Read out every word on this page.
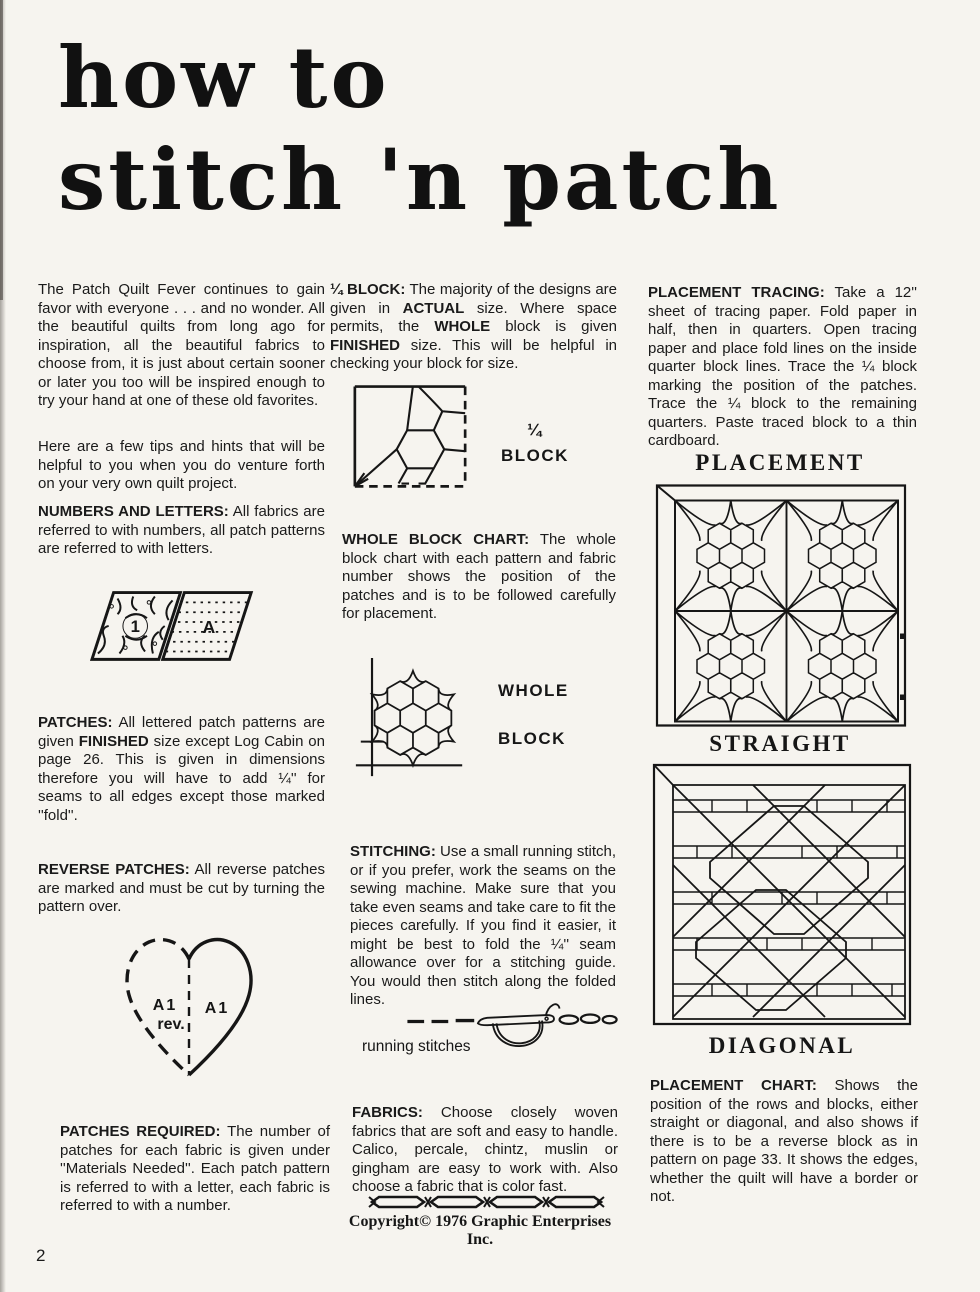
how to
stitch 'n patch

The Patch Quilt Fever continues to gain favor with everyone . . . and no wonder. All the beautiful quilts from long ago for inspiration, all the beautiful fabrics to choose from, it is just about certain sooner or later you too will be inspired enough to try your hand at one of these old favorites.

Here are a few tips and hints that will be helpful to you when you do venture forth on your very own quilt project.

NUMBERS AND LETTERS: All fabrics are referred to with numbers, all patch patterns are referred to with letters.

1	A

PATCHES: All lettered patch patterns are given FINISHED size except Log Cabin on page 26. This is given in dimensions therefore you will have to add ¼'' for seams to all edges except those marked ''fold''.

REVERSE PATCHES: All reverse patches are marked and must be cut by turning the pattern over.

A1
rev.
A1

PATCHES REQUIRED: The number of patches for each fabric is given under ''Materials Needed''. Each patch pattern is referred to with a letter, each fabric is referred to with a number.

2

¼ BLOCK: The majority of the designs are given in ACTUAL size. Where space permits, the WHOLE block is given FINISHED size. This will be helpful in checking your block for size.

¼
BLOCK

WHOLE BLOCK CHART: The whole block chart with each pattern and fabric number shows the position of the patches and is to be followed carefully for placement.

WHOLE
BLOCK

STITCHING: Use a small running stitch, or if you prefer, work the seams on the sewing machine. Make sure that you take even seams and take care to fit the pieces carefully. If you find it easier, it might be best to fold the ¼'' seam allowance over for a stitching guide. You would then stitch along the folded lines.

running stitches

FABRICS: Choose closely woven fabrics that are soft and easy to handle. Calico, percale, chintz, muslin or gingham are easy to work with. Also choose a fabric that is color fast.

Copyright© 1976 Graphic Enterprises Inc.

PLACEMENT TRACING: Take a 12'' sheet of tracing paper. Fold paper in half, then in quarters. Open tracing paper and place fold lines on the inside quarter block lines. Trace the ¼ block marking the position of the patches. Trace the ¼ block to the remaining quarters. Paste traced block to a thin cardboard.

PLACEMENT
STRAIGHT
DIAGONAL

PLACEMENT CHART: Shows the position of the rows and blocks, either straight or diagonal, and also shows if there is to be a reverse block as in pattern on page 33. It shows the edges, whether the quilt will have a border or not.
